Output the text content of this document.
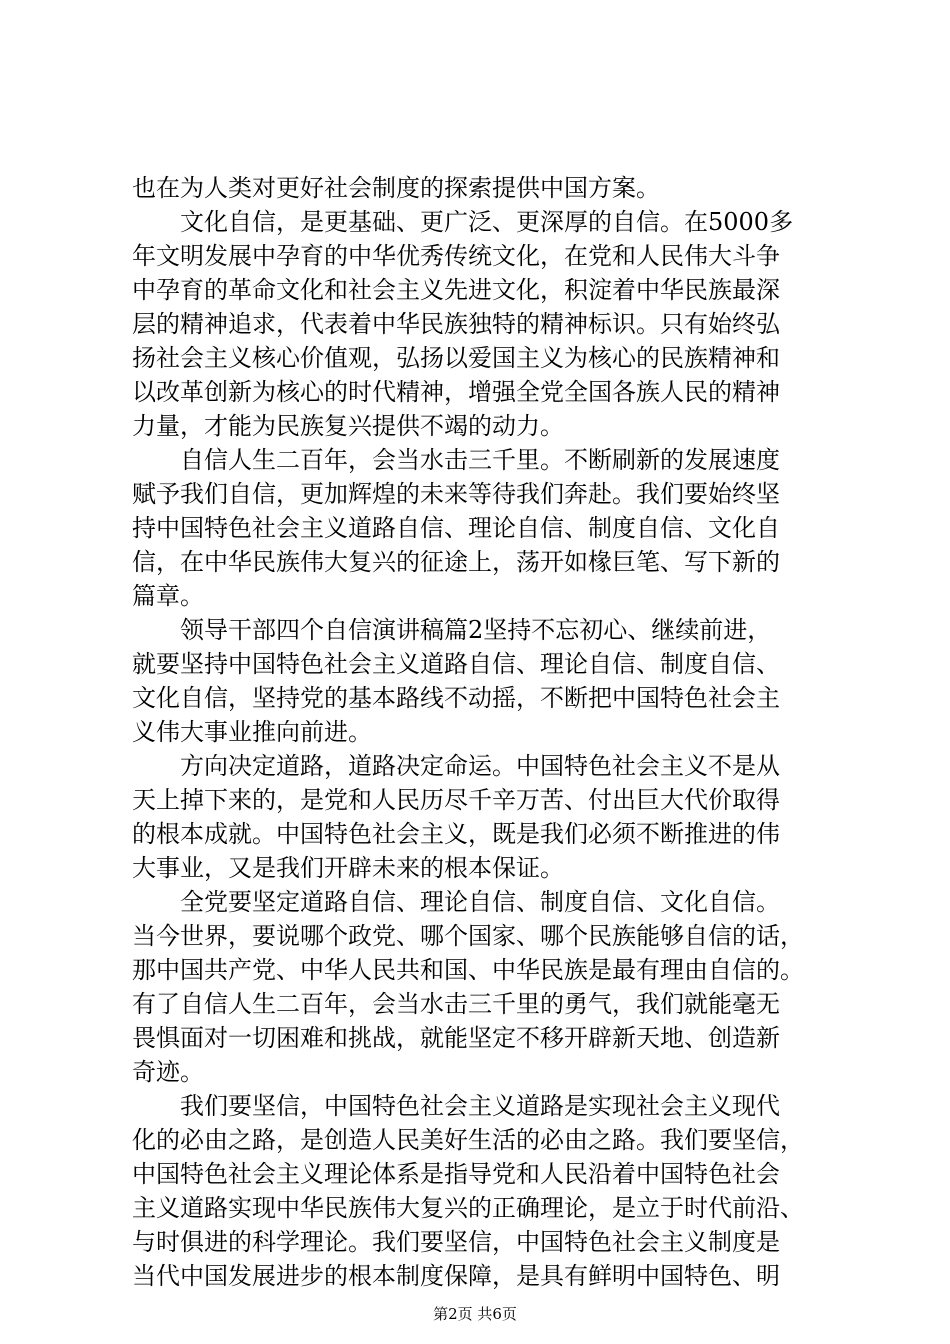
也在为人类对更好社会制度的探索提供中国方案。
文化自信，是更基础、更广泛、更深厚的自信。在5000多
年文明发展中孕育的中华优秀传统文化，在党和人民伟大斗争
中孕育的革命文化和社会主义先进文化，积淀着中华民族最深
层的精神追求，代表着中华民族独特的精神标识。只有始终弘
扬社会主义核心价值观，弘扬以爱国主义为核心的民族精神和
以改革创新为核心的时代精神，增强全党全国各族人民的精神
力量，才能为民族复兴提供不竭的动力。
自信人生二百年，会当水击三千里。不断刷新的发展速度
赋予我们自信，更加辉煌的未来等待我们奔赴。我们要始终坚
持中国特色社会主义道路自信、理论自信、制度自信、文化自
信，在中华民族伟大复兴的征途上，荡开如椽巨笔、写下新的
篇章。
领导干部四个自信演讲稿篇2坚持不忘初心、继续前进，
就要坚持中国特色社会主义道路自信、理论自信、制度自信、
文化自信，坚持党的基本路线不动摇，不断把中国特色社会主
义伟大事业推向前进。
方向决定道路，道路决定命运。中国特色社会主义不是从
天上掉下来的，是党和人民历尽千辛万苦、付出巨大代价取得
的根本成就。中国特色社会主义，既是我们必须不断推进的伟
大事业，又是我们开辟未来的根本保证。
全党要坚定道路自信、理论自信、制度自信、文化自信。
当今世界，要说哪个政党、哪个国家、哪个民族能够自信的话，
那中国共产党、中华人民共和国、中华民族是最有理由自信的。
有了自信人生二百年，会当水击三千里的勇气，我们就能毫无
畏惧面对一切困难和挑战，就能坚定不移开辟新天地、创造新
奇迹。
我们要坚信，中国特色社会主义道路是实现社会主义现代
化的必由之路，是创造人民美好生活的必由之路。我们要坚信，
中国特色社会主义理论体系是指导党和人民沿着中国特色社会
主义道路实现中华民族伟大复兴的正确理论，是立于时代前沿、
与时俱进的科学理论。我们要坚信，中国特色社会主义制度是
当代中国发展进步的根本制度保障，是具有鲜明中国特色、明
第2页 共6页
